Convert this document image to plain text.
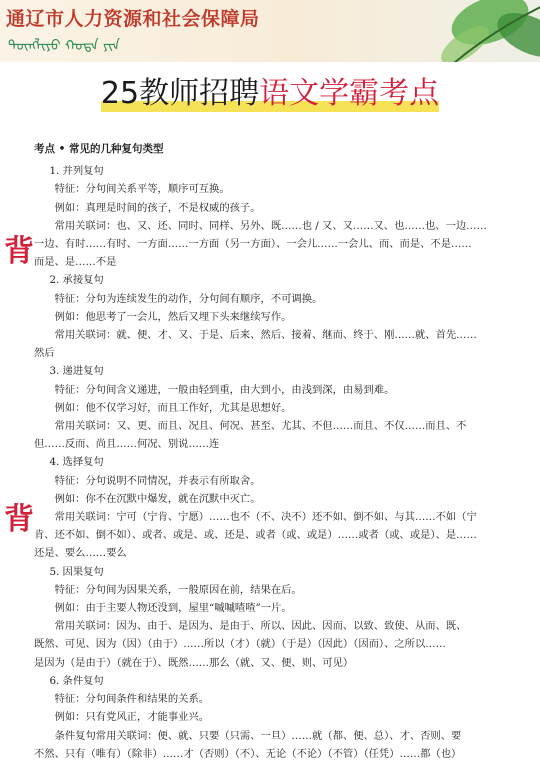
通辽市人力资源和社会保障局
ᠲᠦᠩᠯᠢᠶᠣ ᠬᠣᠲᠠ ᠶᠢᠨ
25教师招聘语文学霸考点
背
背

考点 • 常见的几种复句类型

1. 并列复句

特征：分句间关系平等，顺序可互换。

例如：真理是时间的孩子，不是权威的孩子。

常用关联词：也、又、还、同时、同样、另外、既……也 / 又、又……又、也……也、一边……

一边、有时……有时、一方面……一方面（另一方面）、一会儿……一会儿、而、而是、不是……

而是、是……不是

2. 承接复句

特征：分句为连续发生的动作，分句间有顺序，不可调换。

例如：他思考了一会儿，然后又埋下头来继续写作。

常用关联词：就、便、才、又、于是、后来、然后、接着、继而、终于、刚……就、首先……

然后

3. 递进复句

特征：分句间含义递进，一般由轻到重，由大到小，由浅到深，由易到难。

例如：他不仅学习好，而且工作好，尤其是思想好。

常用关联词：又、更、而且、况且、何况、甚至、尤其、不但……而且、不仅……而且、不

但……反而、尚且……何况、别说……连

4. 选择复句

特征：分句说明不同情况，并表示有所取舍。

例如：你不在沉默中爆发，就在沉默中灭亡。

常用关联词：宁可（宁肯、宁愿）……也不（不、决不）还不如、倒不如、与其……不如（宁

肯、还不如、倒不如）、或者、或是、或、还是、或者（或、或是）……或者（或、或是）、是……

还是、要么……要么

5. 因果复句

特征：分句间为因果关系，一般原因在前，结果在后。

例如：由于主要人物还没到，屋里“嘁嘁喳喳”一片。

常用关联词：因为、由于、是因为、是由于、所以、因此、因而、以致、致使、从而、既、

既然、可见、因为（因）（由于）……所以（才）（就）（于是）（因此）（因而）、之所以……

是因为（是由于）（就在于）、既然……那么（就、又、便、则、可见）

6. 条件复句

特征：分句间条件和结果的关系。

例如：只有党风正，才能事业兴。

条件复句常用关联词：便、就、只要（只需、一旦）……就（都、便、总）、才、否则、要

不然、只有（唯有）（除非）……才（否则）（不）、无论（不论）（不管）（任凭）……都（也）
